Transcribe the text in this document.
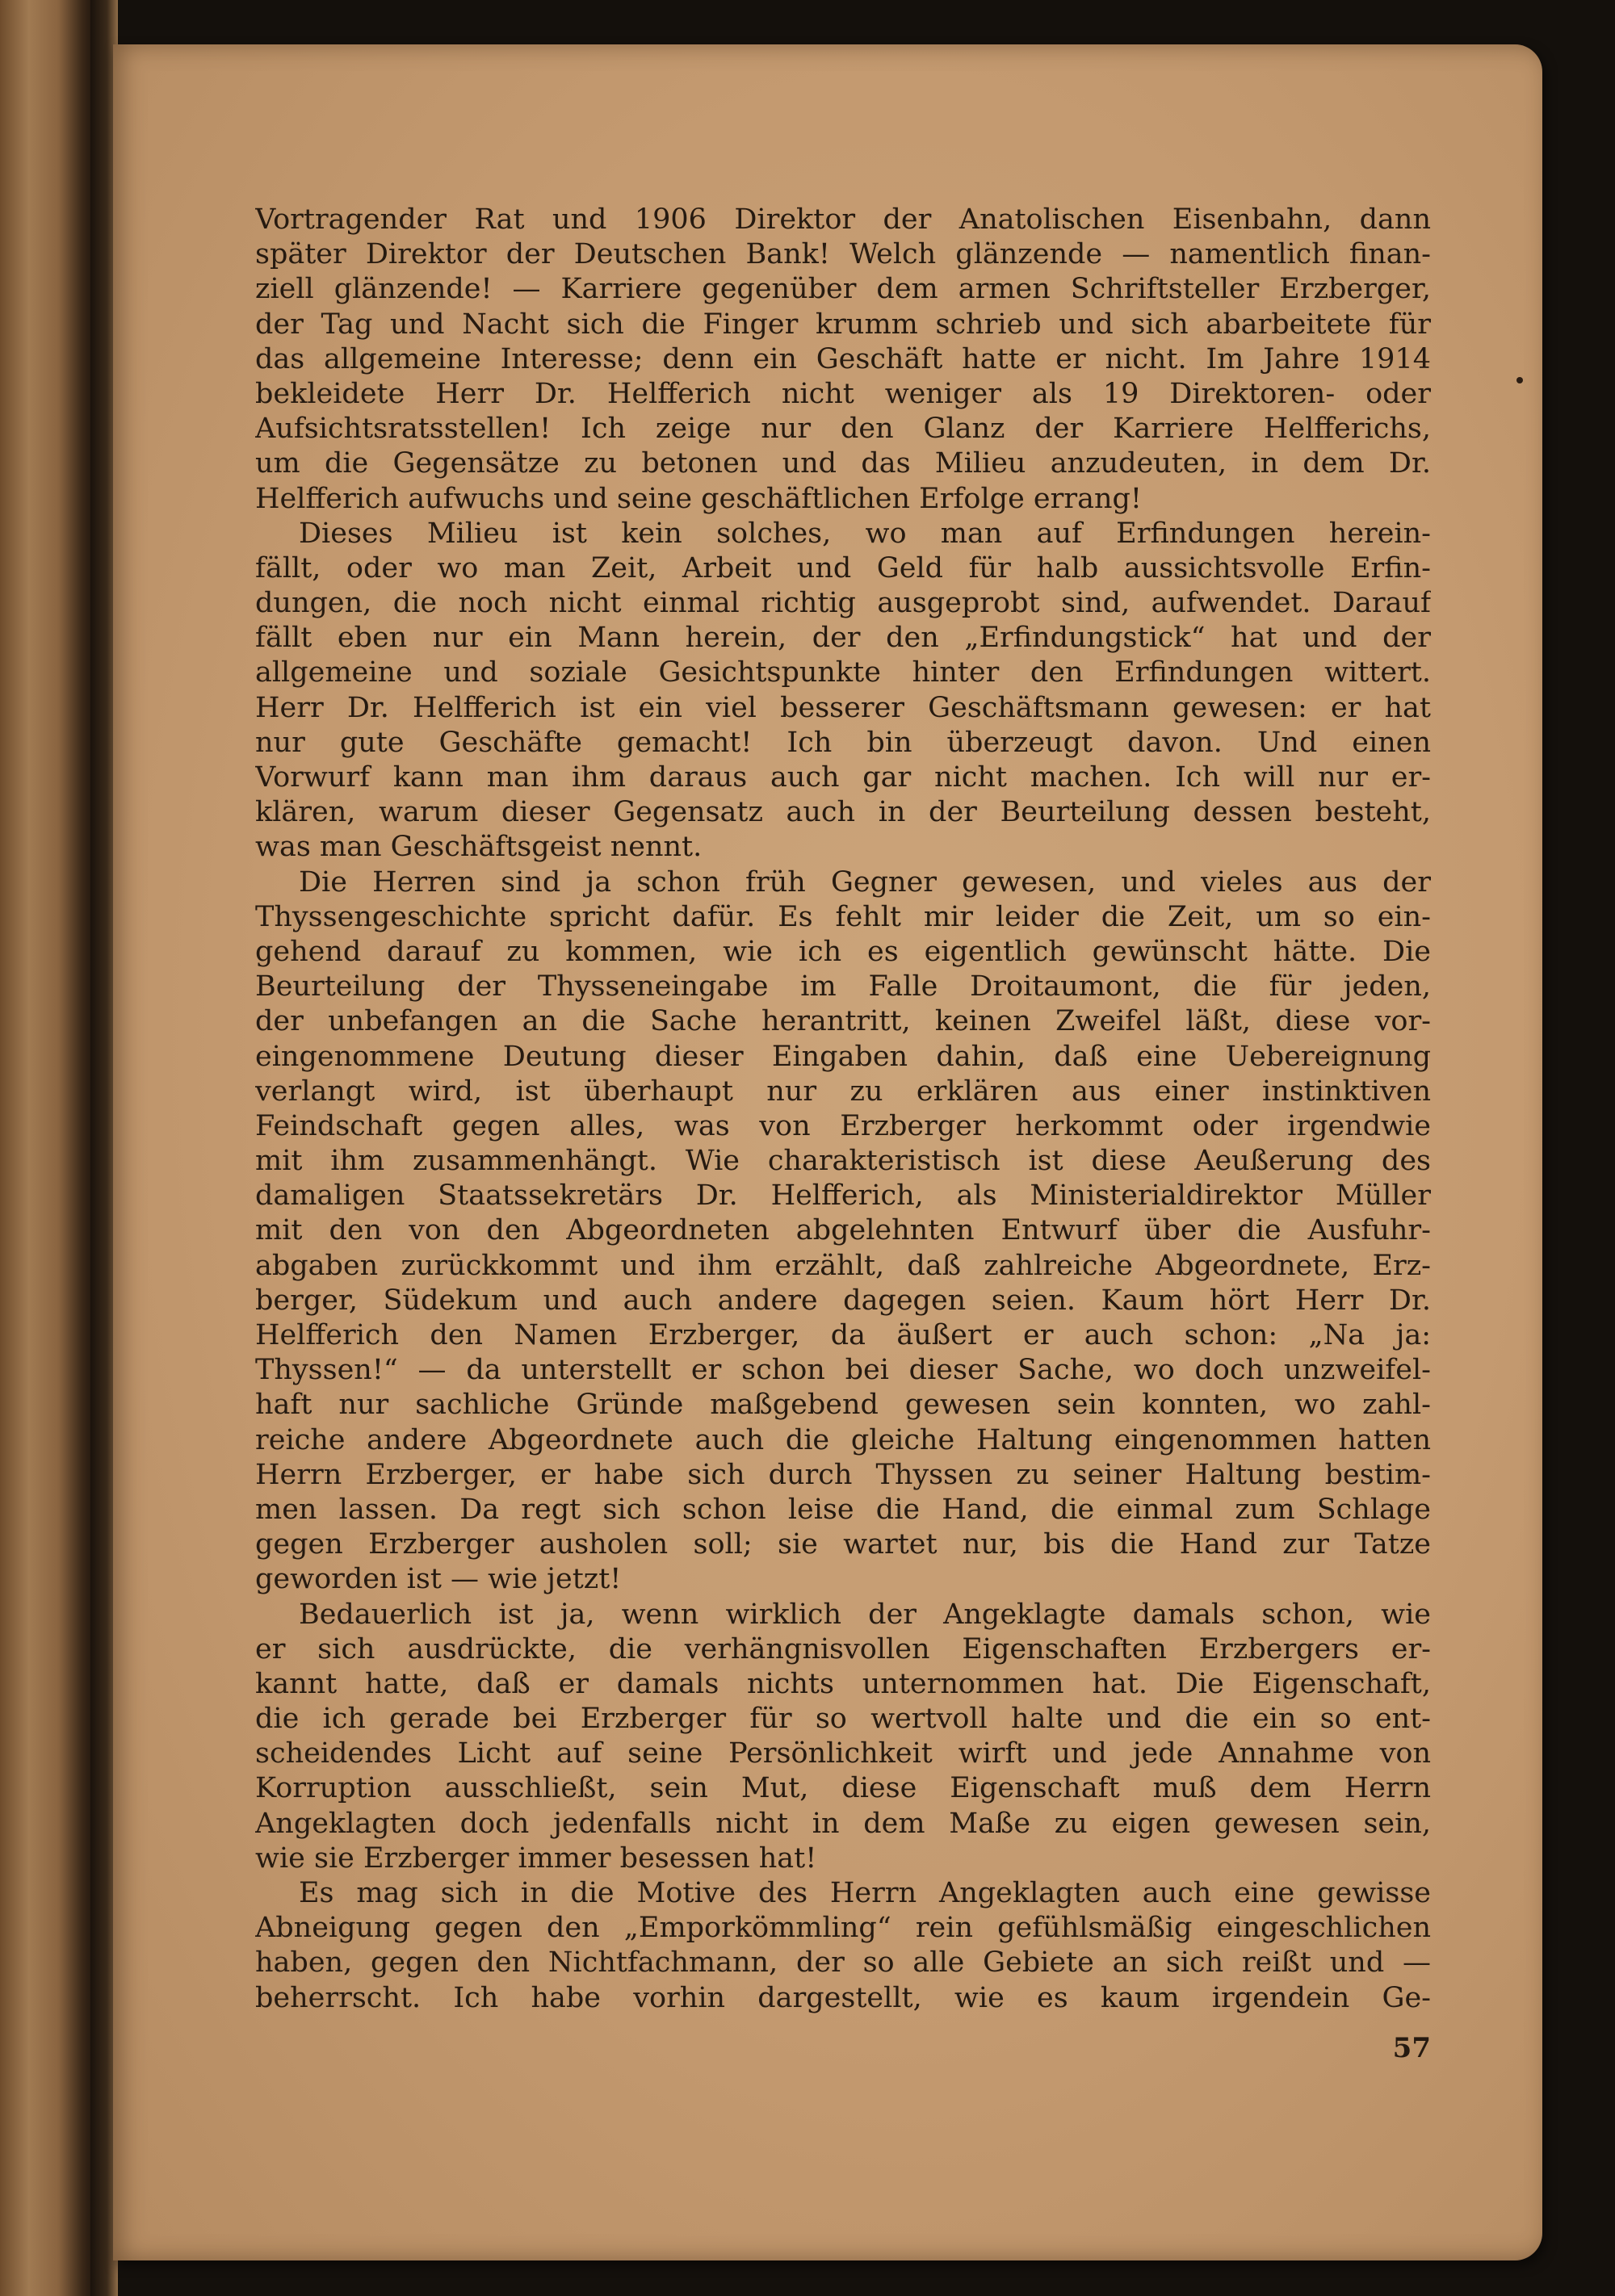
Vortragender Rat und 1906 Direktor der Anatolischen Eisenbahn, dann
später Direktor der Deutschen Bank! Welch glänzende — namentlich finan-
ziell glänzende! — Karriere gegenüber dem armen Schriftsteller Erzberger,
der Tag und Nacht sich die Finger krumm schrieb und sich abarbeitete für
das allgemeine Interesse; denn ein Geschäft hatte er nicht. Im Jahre 1914
bekleidete Herr Dr. Helfferich nicht weniger als 19 Direktoren- oder
Aufsichtsratsstellen! Ich zeige nur den Glanz der Karriere Helfferichs,
um die Gegensätze zu betonen und das Milieu anzudeuten, in dem Dr.
Helfferich aufwuchs und seine geschäftlichen Erfolge errang!
Dieses Milieu ist kein solches, wo man auf Erfindungen herein-
fällt, oder wo man Zeit, Arbeit und Geld für halb aussichtsvolle Erfin-
dungen, die noch nicht einmal richtig ausgeprobt sind, aufwendet. Darauf
fällt eben nur ein Mann herein, der den „Erfindungstick“ hat und der
allgemeine und soziale Gesichtspunkte hinter den Erfindungen wittert.
Herr Dr. Helfferich ist ein viel besserer Geschäftsmann gewesen: er hat
nur gute Geschäfte gemacht! Ich bin überzeugt davon. Und einen
Vorwurf kann man ihm daraus auch gar nicht machen. Ich will nur er-
klären, warum dieser Gegensatz auch in der Beurteilung dessen besteht,
was man Geschäftsgeist nennt.
Die Herren sind ja schon früh Gegner gewesen, und vieles aus der
Thyssengeschichte spricht dafür. Es fehlt mir leider die Zeit, um so ein-
gehend darauf zu kommen, wie ich es eigentlich gewünscht hätte. Die
Beurteilung der Thysseneingabe im Falle Droitaumont, die für jeden,
der unbefangen an die Sache herantritt, keinen Zweifel läßt, diese vor-
eingenommene Deutung dieser Eingaben dahin, daß eine Uebereignung
verlangt wird, ist überhaupt nur zu erklären aus einer instinktiven
Feindschaft gegen alles, was von Erzberger herkommt oder irgendwie
mit ihm zusammenhängt. Wie charakteristisch ist diese Aeußerung des
damaligen Staatssekretärs Dr. Helfferich, als Ministerialdirektor Müller
mit den von den Abgeordneten abgelehnten Entwurf über die Ausfuhr-
abgaben zurückkommt und ihm erzählt, daß zahlreiche Abgeordnete, Erz-
berger, Südekum und auch andere dagegen seien. Kaum hört Herr Dr.
Helfferich den Namen Erzberger, da äußert er auch schon: „Na ja:
Thyssen!“ — da unterstellt er schon bei dieser Sache, wo doch unzweifel-
haft nur sachliche Gründe maßgebend gewesen sein konnten, wo zahl-
reiche andere Abgeordnete auch die gleiche Haltung eingenommen hatten
Herrn Erzberger, er habe sich durch Thyssen zu seiner Haltung bestim-
men lassen. Da regt sich schon leise die Hand, die einmal zum Schlage
gegen Erzberger ausholen soll; sie wartet nur, bis die Hand zur Tatze
geworden ist — wie jetzt!
Bedauerlich ist ja, wenn wirklich der Angeklagte damals schon, wie
er sich ausdrückte, die verhängnisvollen Eigenschaften Erzbergers er-
kannt hatte, daß er damals nichts unternommen hat. Die Eigenschaft,
die ich gerade bei Erzberger für so wertvoll halte und die ein so ent-
scheidendes Licht auf seine Persönlichkeit wirft und jede Annahme von
Korruption ausschließt, sein Mut, diese Eigenschaft muß dem Herrn
Angeklagten doch jedenfalls nicht in dem Maße zu eigen gewesen sein,
wie sie Erzberger immer besessen hat!
Es mag sich in die Motive des Herrn Angeklagten auch eine gewisse
Abneigung gegen den „Emporkömmling“ rein gefühlsmäßig eingeschlichen
haben, gegen den Nichtfachmann, der so alle Gebiete an sich reißt und —
beherrscht. Ich habe vorhin dargestellt, wie es kaum irgendein Ge-
57
